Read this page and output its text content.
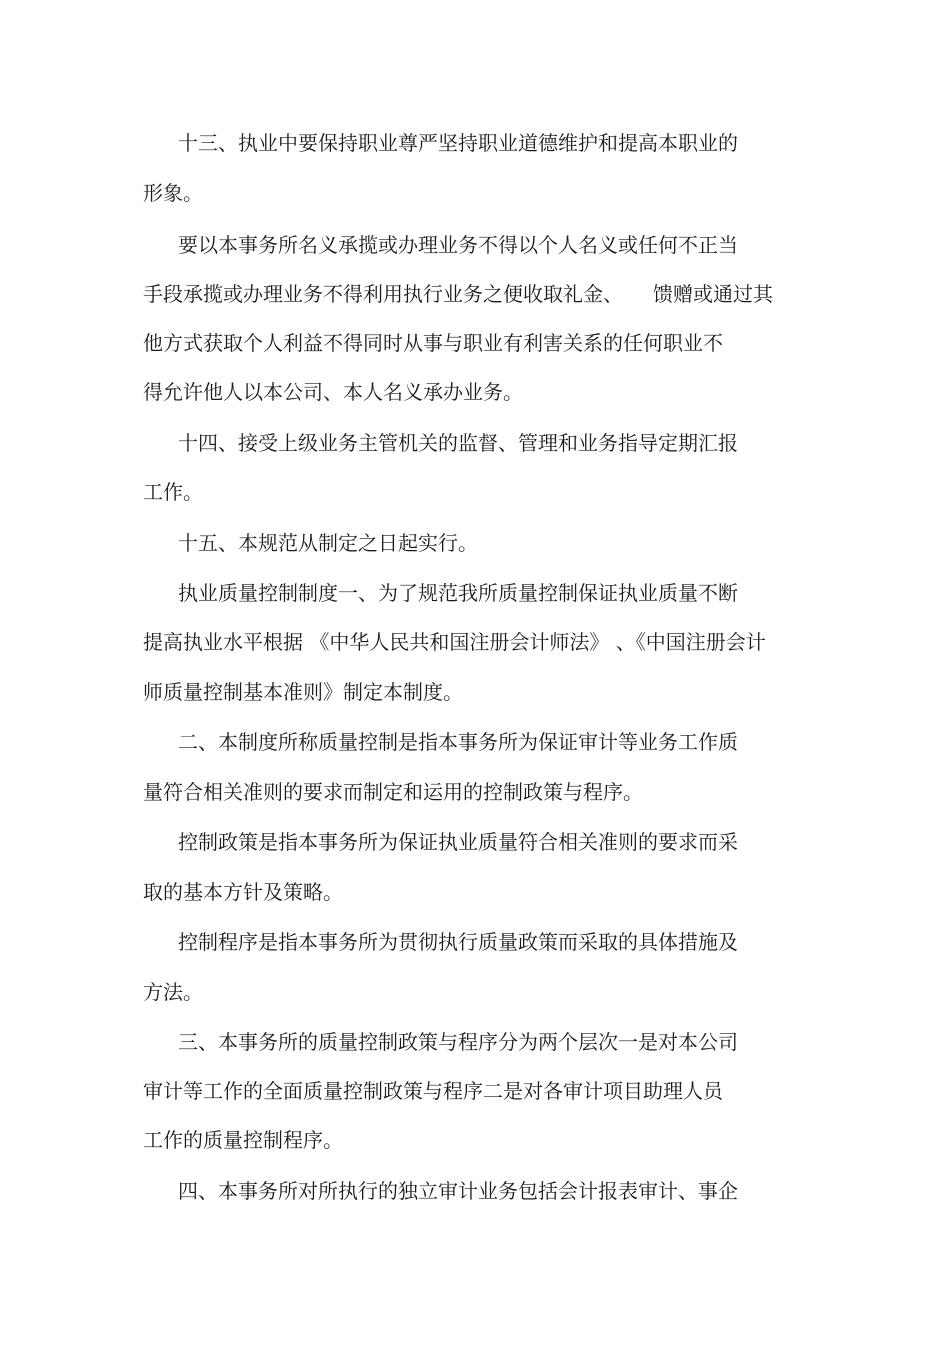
十三、执业中要保持职业尊严坚持职业道德维护和提高本职业的
形象。
要以本事务所名义承揽或办理业务不得以个人名义或任何不正当
手段承揽或办理业务不得利用执行业务之便收取礼金、　　馈赠或通过其
他方式获取个人利益不得同时从事与职业有利害关系的任何职业不
得允许他人以本公司、本人名义承办业务。
十四、接受上级业务主管机关的监督、管理和业务指导定期汇报
工作。
十五、本规范从制定之日起实行。
执业质量控制制度一、为了规范我所质量控制保证执业质量不断
提高执业水平根据 《中华人民共和国注册会计师法》 、《中国注册会计
师质量控制基本准则》制定本制度。
二、本制度所称质量控制是指本事务所为保证审计等业务工作质
量符合相关准则的要求而制定和运用的控制政策与程序。
控制政策是指本事务所为保证执业质量符合相关准则的要求而采
取的基本方针及策略。
控制程序是指本事务所为贯彻执行质量政策而采取的具体措施及
方法。
三、本事务所的质量控制政策与程序分为两个层次一是对本公司
审计等工作的全面质量控制政策与程序二是对各审计项目助理人员
工作的质量控制程序。
四、本事务所对所执行的独立审计业务包括会计报表审计、事企
